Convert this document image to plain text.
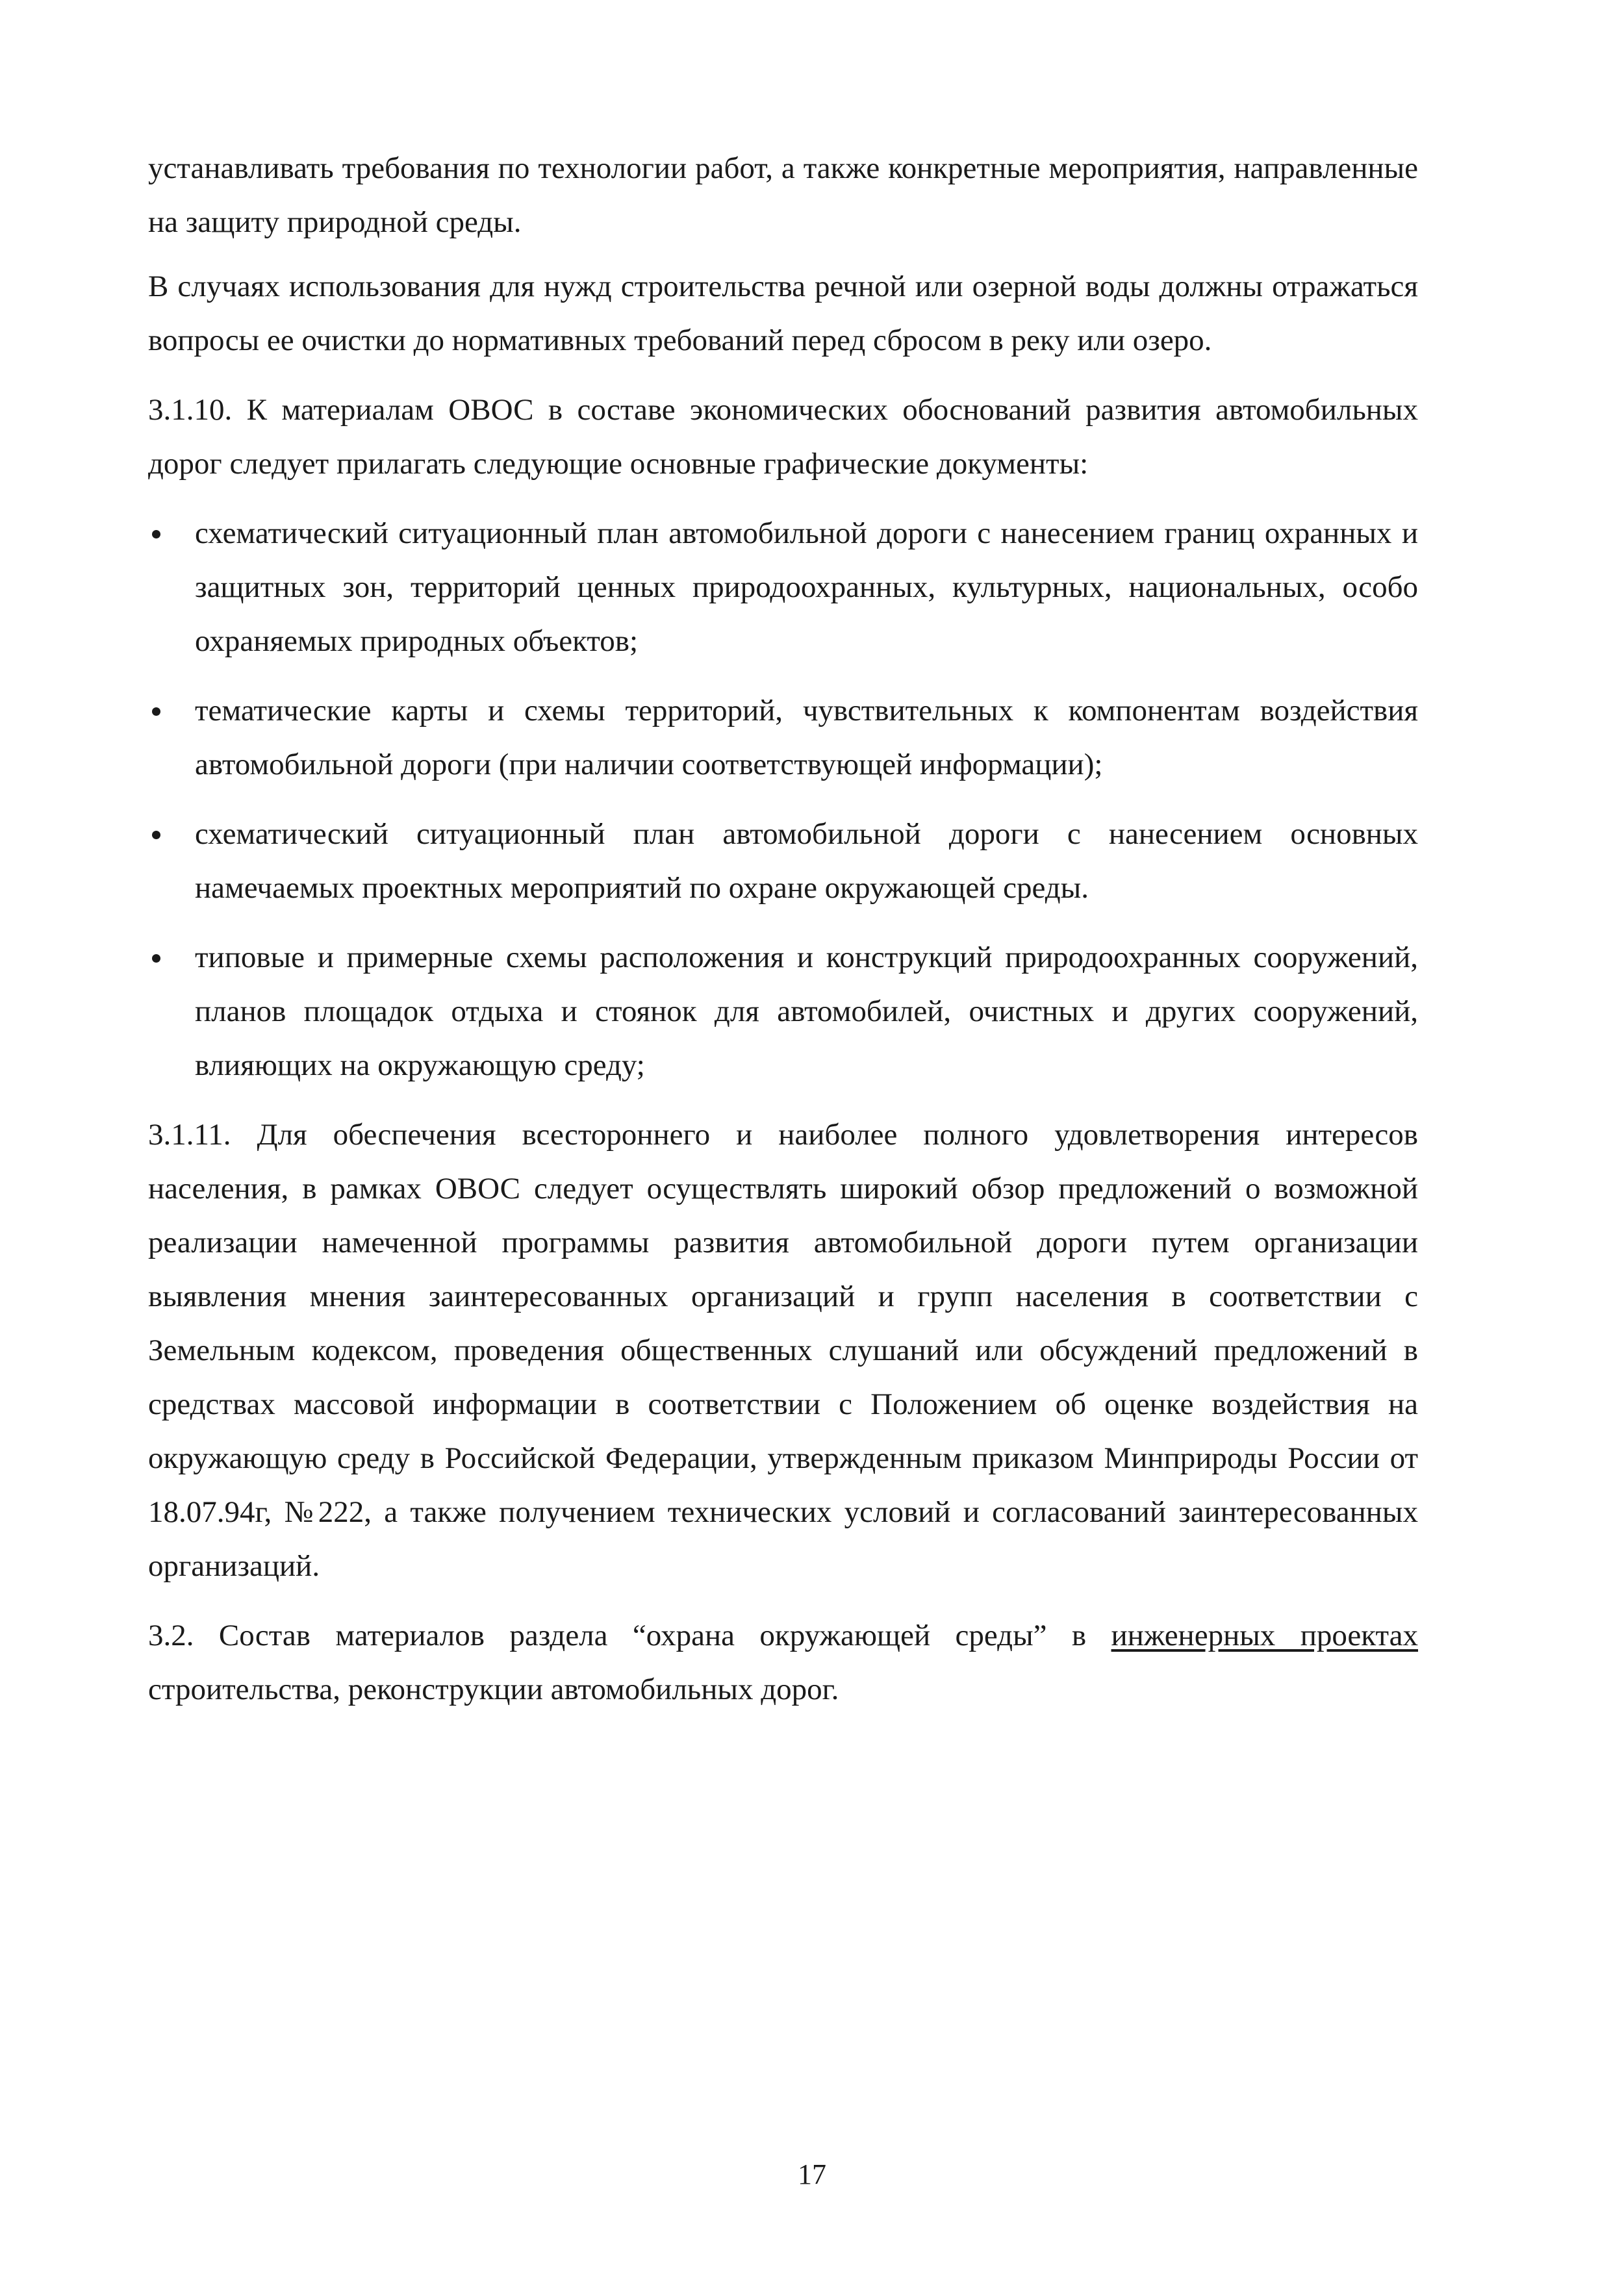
устанавливать требования по технологии работ, а также конкретные мероприятия, направленные на защиту природной среды.

В случаях использования для нужд строительства речной или озерной воды должны отражаться вопросы ее очистки до нормативных требований перед сбросом в реку или озеро.

3.1.10. К материалам ОВОС в составе экономических обоснований развития автомобильных дорог следует прилагать следующие основные графические документы:

схематический ситуационный план автомобильной дороги с нанесением границ охранных и защитных зон, территорий ценных природоохранных, культурных, национальных, особо охраняемых природных объектов;
тематические карты и схемы территорий, чувствительных к компонентам воздействия автомобильной дороги (при наличии соответствующей информации);
схематический ситуационный план автомобильной дороги с нанесением основных намечаемых проектных мероприятий по охране окружающей среды.
типовые и примерные схемы расположения и конструкций природоохранных сооружений, планов площадок отдыха и стоянок для автомобилей, очистных и других сооружений, влияющих на окружающую среду;

3.1.11. Для обеспечения всестороннего и наиболее полного удовлетворения интересов населения, в рамках ОВОС следует осуществлять широкий обзор предложений о возможной реализации намеченной программы развития автомобильной дороги путем организации выявления мнения заинтересованных организаций и групп населения в соответствии с Земельным кодексом, проведения общественных слушаний или обсуждений предложений в средствах массовой информации в соответствии с Положением об оценке воздействия на окружающую среду в Российской Федерации, утвержденным приказом Минприроды России от 18.07.94г, №222, а также получением технических условий и согласований заинтересованных организаций.

3.2. Состав материалов раздела “охрана окружающей среды” в инженерных проектах строительства, реконструкции автомобильных дорог.

17
